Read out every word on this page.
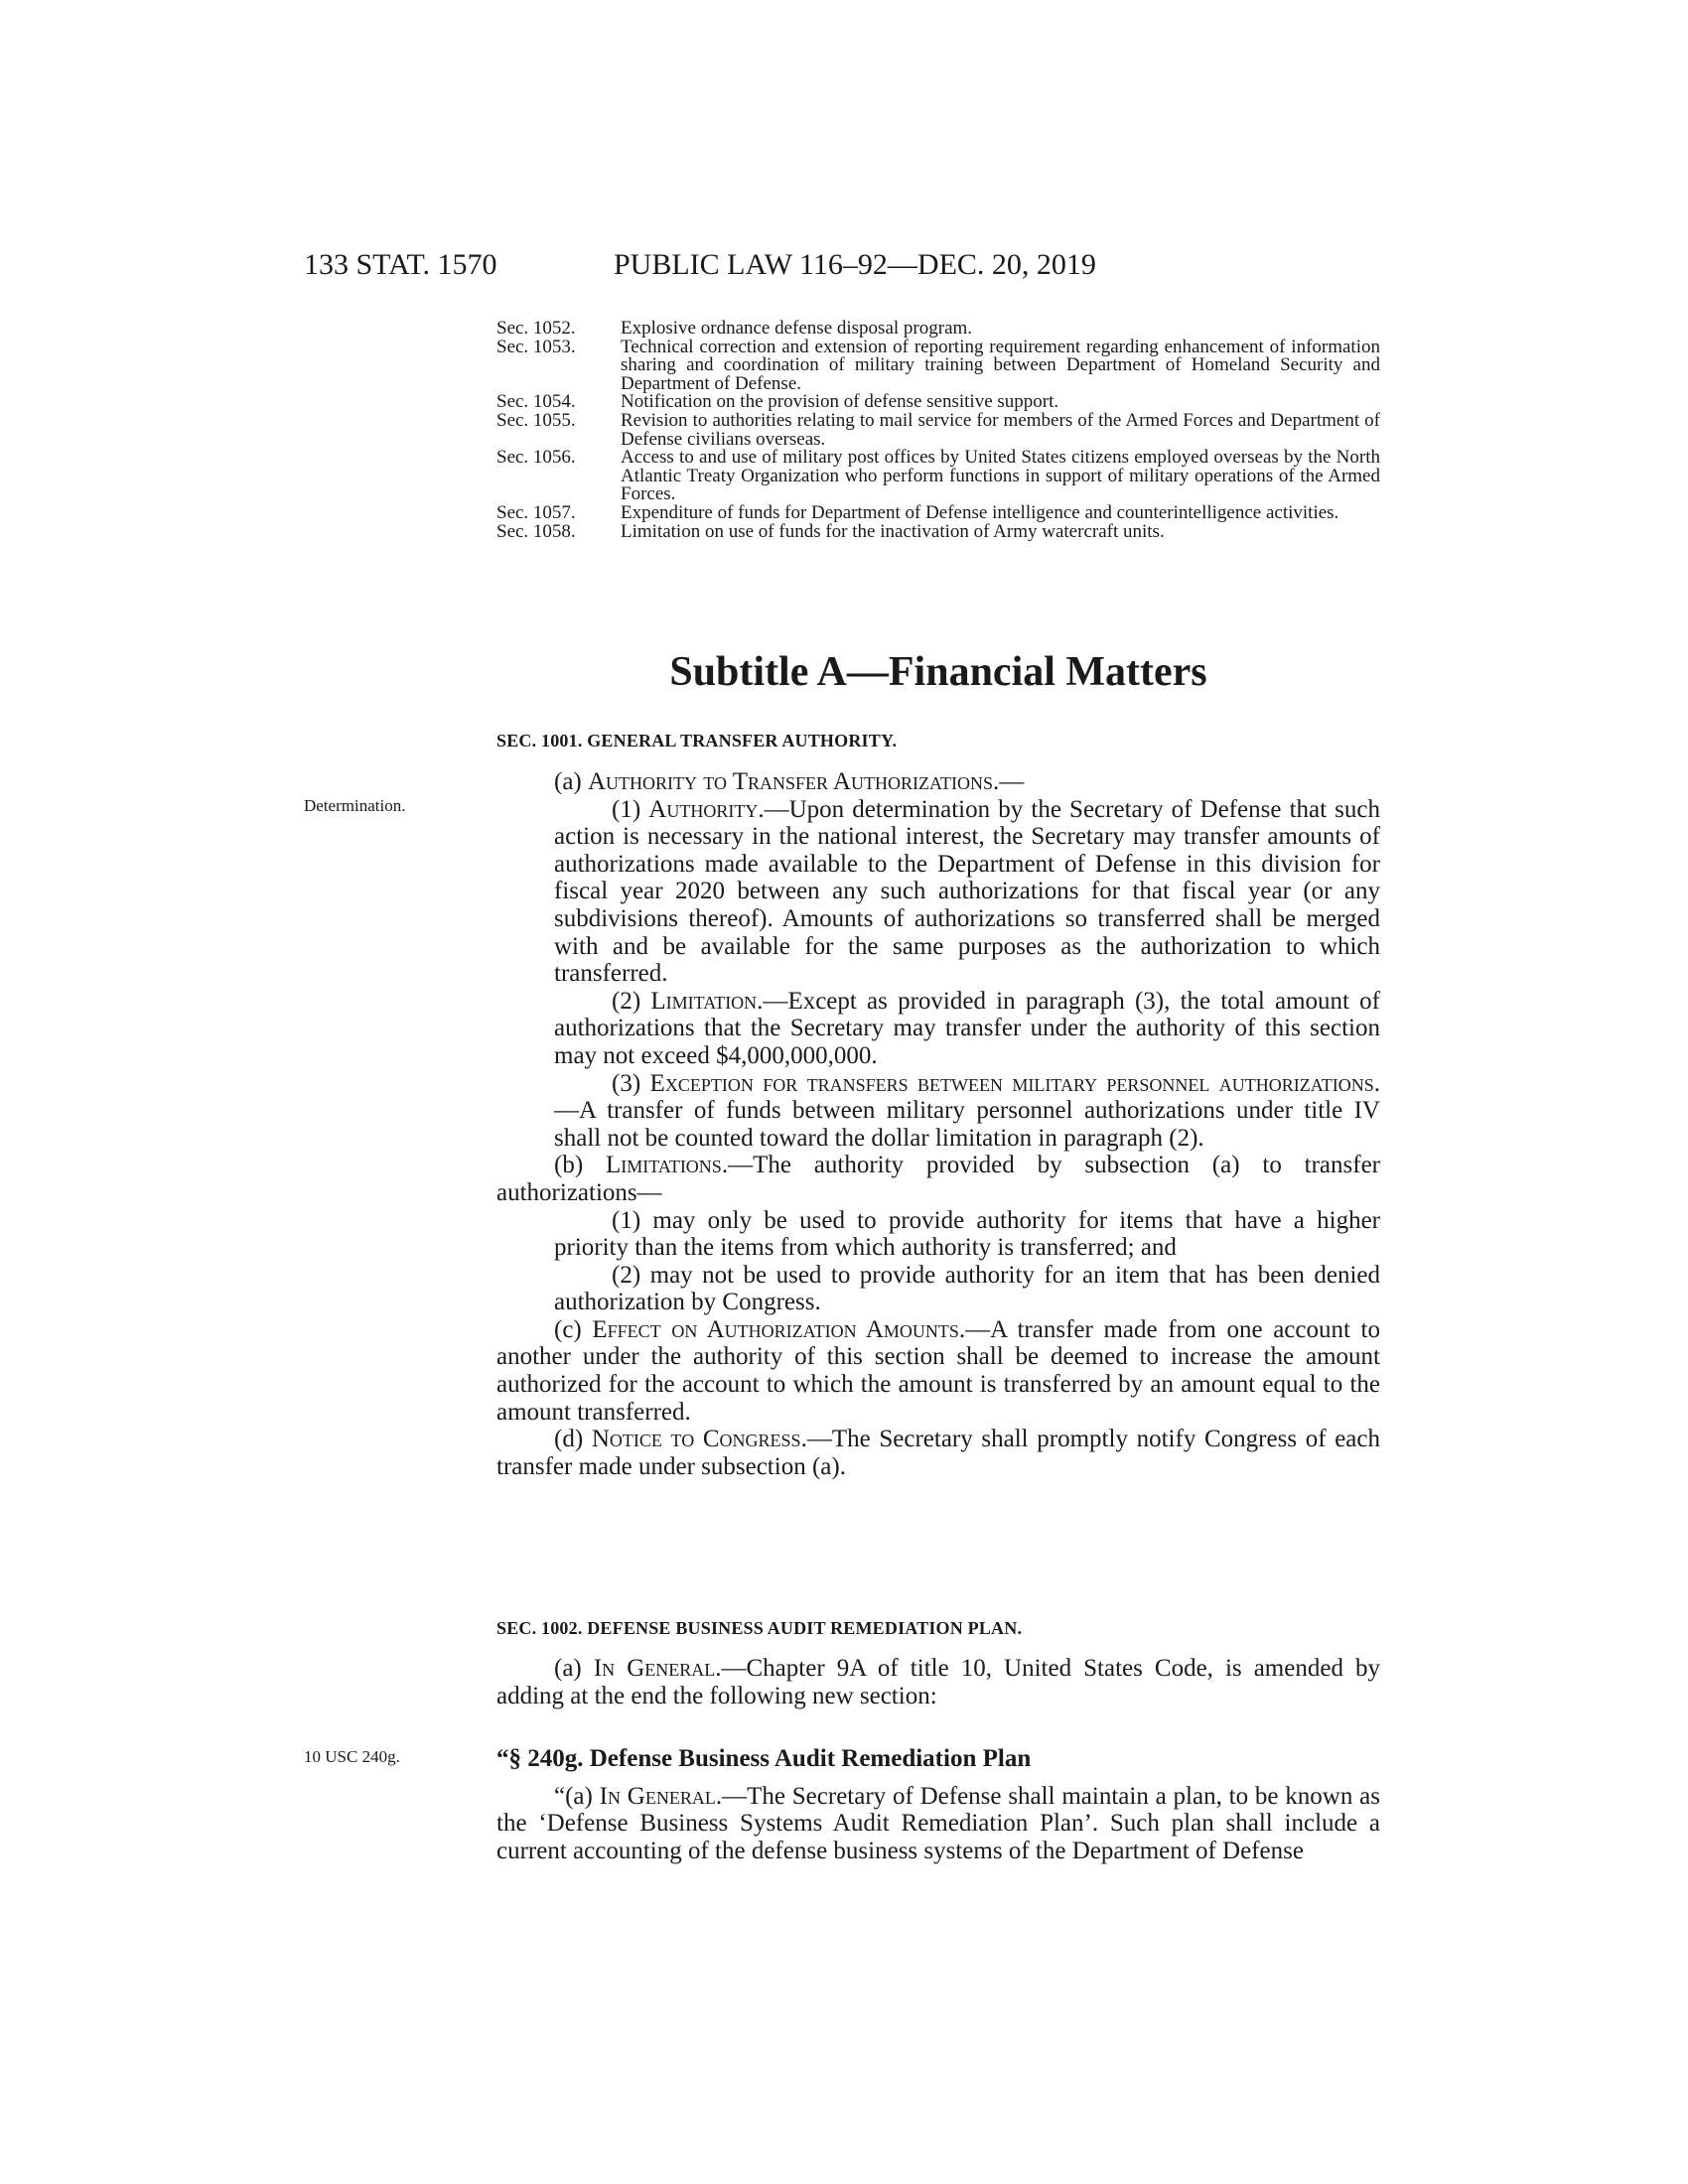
133 STAT. 1570	PUBLIC LAW 116–92—DEC. 20, 2019
Sec. 1052.	Explosive ordnance defense disposal program.
Sec. 1053.	Technical correction and extension of reporting requirement regarding enhancement of information sharing and coordination of military training between Department of Homeland Security and Department of Defense.
Sec. 1054.	Notification on the provision of defense sensitive support.
Sec. 1055.	Revision to authorities relating to mail service for members of the Armed Forces and Department of Defense civilians overseas.
Sec. 1056.	Access to and use of military post offices by United States citizens employed overseas by the North Atlantic Treaty Organization who perform functions in support of military operations of the Armed Forces.
Sec. 1057.	Expenditure of funds for Department of Defense intelligence and counterintelligence activities.
Sec. 1058.	Limitation on use of funds for the inactivation of Army watercraft units.
Subtitle A—Financial Matters
SEC. 1001. GENERAL TRANSFER AUTHORITY.
Determination.

(a) Authority to Transfer Authorizations.—

(1) Authority.—Upon determination by the Secretary of Defense that such action is necessary in the national interest, the Secretary may transfer amounts of authorizations made available to the Department of Defense in this division for fiscal year 2020 between any such authorizations for that fiscal year (or any subdivisions thereof). Amounts of authorizations so transferred shall be merged with and be available for the same purposes as the authorization to which transferred.

(2) Limitation.—Except as provided in paragraph (3), the total amount of authorizations that the Secretary may transfer under the authority of this section may not exceed $4,000,000,000.

(3) Exception for transfers between military personnel authorizations.—A transfer of funds between military personnel authorizations under title IV shall not be counted toward the dollar limitation in paragraph (2).

(b) Limitations.—The authority provided by subsection (a) to transfer authorizations—

(1) may only be used to provide authority for items that have a higher priority than the items from which authority is transferred; and

(2) may not be used to provide authority for an item that has been denied authorization by Congress.

(c) Effect on Authorization Amounts.—A transfer made from one account to another under the authority of this section shall be deemed to increase the amount authorized for the account to which the amount is transferred by an amount equal to the amount transferred.

(d) Notice to Congress.—The Secretary shall promptly notify Congress of each transfer made under subsection (a).

SEC. 1002. DEFENSE BUSINESS AUDIT REMEDIATION PLAN.

(a) In General.—Chapter 9A of title 10, United States Code, is amended by adding at the end the following new section:

10 USC 240g.	“§ 240g. Defense Business Audit Remediation Plan

“(a) In General.—The Secretary of Defense shall maintain a plan, to be known as the ‘Defense Business Systems Audit Remediation Plan’. Such plan shall include a current accounting of the defense business systems of the Department of Defense
